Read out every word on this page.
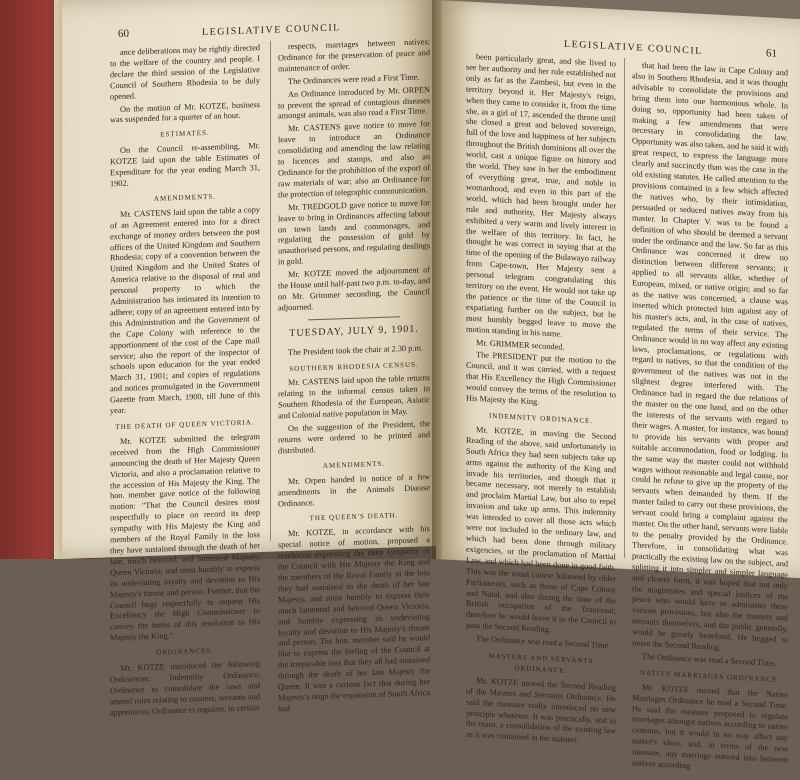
60	LEGISLATIVE COUNCIL

ance deliberations may be rightly directed to the welfare of the country and people. I declare the third session of the Legislative Council of Southern Rhodesia to be duly opened.

On the motion of Mr. KOTZE, business was suspended for a quarter of an hour.

ESTIMATES.

On the Council re-assembling, Mr. KOTZE laid upon the table Estimates of Expenditure for the year ending March 31, 1902.

AMENDMENTS.

Mr. CASTENS laid upon the table a copy of an Agreement entered into for a direct exchange of money orders between the post offices of the United Kingdom and Southern Rhodesia; copy of a convention between the United Kingdom and the United States of America relative to the disposal of real and personal property to which the Administration has intimated its intention to adhere; copy of an agreement entered into by this Administration and the Government of the Cape Colony with reference to the apportionment of the cost of the Cape mail service; also the report of the inspector of schools upon education for the year ended March 31, 1901; and copies of regulations and notices promulgated in the Government Gazette from March, 1900, till June of this year.

THE DEATH OF QUEEN VICTORIA.

Mr. KOTZE submitted the telegram received from the High Commissioner announcing the death of Her Majesty Queen Victoria, and also a proclamation relative to the accession of His Majesty the King. The hon. member gave notice of the following motion: "That the Council desires most respectfully to place on record its deep sympathy with His Majesty the King and members of the Royal Family in the loss they have sustained through the death of her late, much beloved, and lamented Majesty, Queen Victoria; and most humbly to express its undeviating loyalty and devotion to His Majesty's throne and person. Further, that the Council begs respectfully to request His Excellency the High Commissioner to convey the terms of this resolution to His Majesty the King."

ORDINANCES.

Mr. KOTZE introduced the following Ordinances: Indemnity Ordinance; Ordinance to consolidate the laws and amend rules relating to masters, servants and apprentices; Ordinance to regulate, in certain

respects, marriages between natives; Ordinance for the preservation of peace and maintenance of order.

The Ordinances were read a First Time.

An Ordinance introduced by Mr. ORPEN to prevent the spread of contagious diseases amongst animals, was also read a First Time.

Mr. CASTENS gave notice to move for leave to introduce an Ordinance consolidating and amending the law relating to licences and stamps, and also an Ordinance for the prohibition of the export of raw materials of war; also an Ordinance for the protection of telegraphic communication.

Mr. TREDGOLD gave notice to move for leave to bring in Ordinances affecting labour on town lands and commonages, and regulating the possession of gold by unauthorised persons, and regulating dealings in gold.

Mr. KOTZE moved the adjournment of the House until half-past two p.m. to-day, and on Mr. Grimmer seconding, the Council adjourned.

TUESDAY, JULY 9, 1901.

The President took the chair at 2.30 p.m.

SOUTHERN RHODESIA CENSUS.

Mr. CASTENS laid upon the table returns relating to the informal census taken in Southern Rhodesia of the European, Asiatic and Colonial native population in May.

On the suggestion of the President, the returns were ordered to be printed and distributed.

AMENDMENTS.

Mr. Orpen handed in notice of a few amendments in the Animals Disease Ordinance.

THE QUEEN'S DEATH.

Mr. KOTZE, in accordance with his special notice of motion, proposed a resolution expressing the deep sympathy of the Council with His Majesty the King and the members of the Royal Family in the loss they had sustained in the death of her late Majesty, and most humbly to express their much lamented and beloved Queen Victoria, and humbly expressing its undeviating loyalty and devotion to His Majesty's throne and person. The hon. member said he would like to express the feeling of the Council at the irreparable loss that they all had sustained through the death of her late Majesty the Queen. It was a curious fact that during her Majesty's reign the expansion of South Africa had

LEGISLATIVE COUNCIL	61

been particularly great, and she lived to see her authority and her rule established not only as far as the Zambesi, but even in the territory beyond it. Her Majesty's reign, when they came to consider it, from the time she, as a girl of 17, ascended the throne until she closed a great and beloved sovereign, full of the love and happiness of her subjects throughout the British dominions all over the world, cast a unique figure on history and the world. They saw in her the embodiment of everything great, true, and noble in womanhood, and even in this part of the world, which had been brought under her rule and authority, Her Majesty always exhibited a very warm and lively interest in the welfare of this territory. In fact, he thought he was correct in saying that at the time of the opening of the Bulawayo railway from Cape-town, Her Majesty sent a personal telegram congratulating this territory on the event. He would not take up the patience or the time of the Council in expatiating further on the subject, but he most humbly begged leave to move the motion standing in his name.

Mr. GRIMMER seconded.

The PRESIDENT put the motion to the Council, and it was carried, with a request that His Excellency the High Commissioner would convey the terms of the resolution to His Majesty the King.

INDEMNITY ORDINANCE.

Mr. KOTZE, in moving the Second Reading of the above, said unfortunately in South Africa they had seen subjects take up arms against the authority of the King and invade his territories, and though that it became necessary, not merely to establish and proclaim Martial Law, but also to repel invasion and take up arms. This indemnity was intended to cover all those acts which were not included in the ordinary law, and which had been done through military exigencies, or the proclamation of Martial Law, and which had been done in good faith. This was the usual course followed by older Parliaments, such as those of Cape Colony and Natal, and also during the time of the British occupation of the Transvaal; therefore he would leave it to the Council to pass the Second Reading.

The Ordinance was read a Second Time.

MASTERS AND SERVANTS ORDINANCE.

Mr. KOTZE moved the Second Reading of the Masters and Servants Ordinance. He said the measure really introduced no new principle whatever. It was practically, and in the main, a consolidation of the existing law as it was contained in the statutes

that had been the law in Cape Colony and also in Southern Rhodesia, and it was thought advisable to consolidate the provisions and bring them into one harmonious whole. In doing so, opportunity had been taken of making a few amendments that were necessary in consolidating the law. Opportunity was also taken, and he said it with great respect, to express the language more clearly and succinctly than was the case in the old existing statutes. He called attention to the provisions contained in a few which affected the natives who, by their intimidation, persuaded or seduced natives away from his master. In Chapter V. was to be found a definition of who should be deemed a servant under the ordinance and the law. So far as this Ordinance was concerned it drew no distinction between different servants; it applied to all servants alike, whether of European, mixed, or native origin; and so far as the native was concerned, a clause was inserted which protected him against any of his master's acts, and, in the case of natives, regulated the terms of their service. The Ordinance would in no way affect any existing laws, proclamations, or regulations with regard to natives, so that the condition of the government of the natives was not in the slightest degree interfered with. The Ordinance had in regard the due relations of the master on the one hand, and on the other the interests of the servants with regard to their wages. A master, for instance, was bound to provide his servants with proper and suitable accommodation, food or lodging. In the same way the master could not withhold wages without reasonable and legal cause, nor could he refuse to give up the property of the servants when demanded by them. If the master failed to carry out these provisions, the servant could bring a complaint against the master. On the other hand, servants were liable to the penalty provided by the Ordinance. Therefore, in consolidating what was practically the existing law on the subject, and splitting it into simpler and simpler language and clearer form, it was hoped that not only the magistrates and special justices of the peace who would have to administer these various provisions, but also the masters and servants themselves, and the public generally, would be greatly benefited. He begged to move the Second Reading.

The Ordinance was read a Second Time.

NATIVE MARRIAGES ORDINANCE.

Mr. KOTZE moved that the Native Marriages Ordinance be read a Second Time. He said the measure proposed to regulate marriages amongst natives according to native customs, but it would in no way affect any native's ideas; and, in terms of the new measure, any marriage entered into between natives according
